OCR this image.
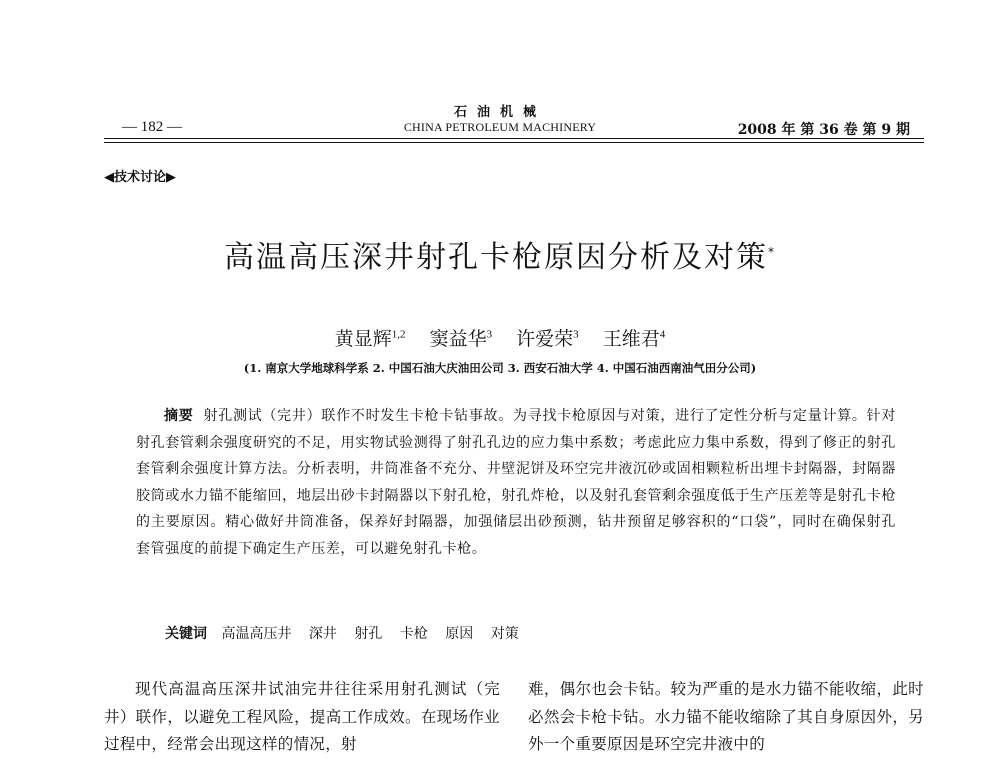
石油机械
— 182 —	CHINA PETROLEUM MACHINERY	2008 年 第 36 卷 第 9 期
◀技术讨论▶
高温高压深井射孔卡枪原因分析及对策*
黄显辉$^{1,2}$ 窦益华$^3$ 许爱荣$^3$ 王维君$^4$
(1. 南京大学地球科学系 2. 中国石油大庆油田公司 3. 西安石油大学 4. 中国石油西南油气田分公司)
摘要 射孔测试（完井）联作不时发生卡枪卡钻事故。为寻找卡枪原因与对策，进行了定性分析与定量计算。针对射孔套管剩余强度研究的不足，用实物试验测得了射孔孔边的应力集中系数；考虑此应力集中系数，得到了修正的射孔套管剩余强度计算方法。分析表明，井筒准备不充分、井壁泥饼及环空完井液沉砂或固相颗粒析出埋卡封隔器，封隔器胶筒或水力锚不能缩回，地层出砂卡封隔器以下射孔枪，射孔炸枪，以及射孔套管剩余强度低于生产压差等是射孔卡枪的主要原因。精心做好井筒准备，保养好封隔器，加强储层出砂预测，钻井预留足够容积的“口袋”，同时在确保射孔套管强度的前提下确定生产压差，可以避免射孔卡枪。
关键词 高温高压井 深井 射孔 卡枪 原因 对策
现代高温高压深井试油完井往往采用射孔测试（完井）联作，以避免工程风险，提高工作成效。在现场作业过程中，经常会出现这样的情况，射
难，偶尔也会卡钻。较为严重的是水力锚不能收缩，此时必然会卡枪卡钻。水力锚不能收缩除了其自身原因外，另外一个重要原因是环空完井液中的
